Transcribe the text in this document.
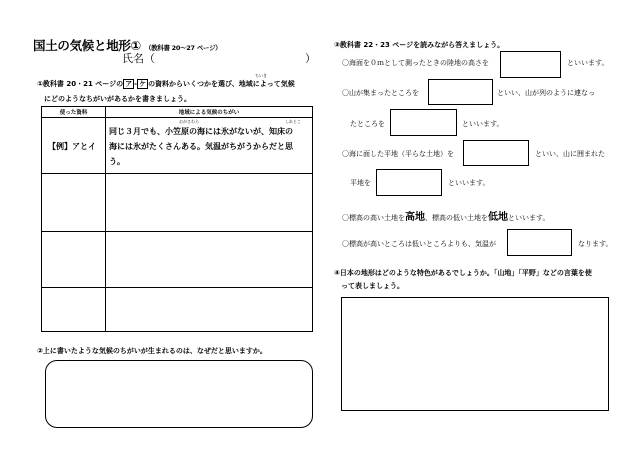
国土の気候と地形① （教科書 20〜27 ページ）
氏名（	）
①教科書 20・21 ページの ア - ケ の資料からいくつかを選び、地域によって気候
ちいき
にどのようなちがいがあるかを書きましょう。
使った資料	地域による気候のちがい
【例】アとイ	同じ３月でも、小笠原の海には氷がないが、知床の
海には氷がたくさんある。気温がちがうからだと思
う。
おがさわら しれとこ

②上に書いたような気候のちがいが生まれるのは、なぜだと思いますか。
③教科書 22・23 ページを読みながら答えましょう。
〇海面を０ｍとして測ったときの陸地の高さを	といいます。
〇山が集まったところを	といい、山が列のように連なっ
たところを	といいます。
〇海に面した平地（平らな土地）を	といい、山に囲まれた
平地を	といいます。
〇標高の高い土地を高地、標高の低い土地を低地といいます。
〇標高が高いところは低いところよりも、気温が	なります。
④日本の地形はどのような特色があるでしょうか。「山地」「平野」などの言葉を使
って表しましょう。
